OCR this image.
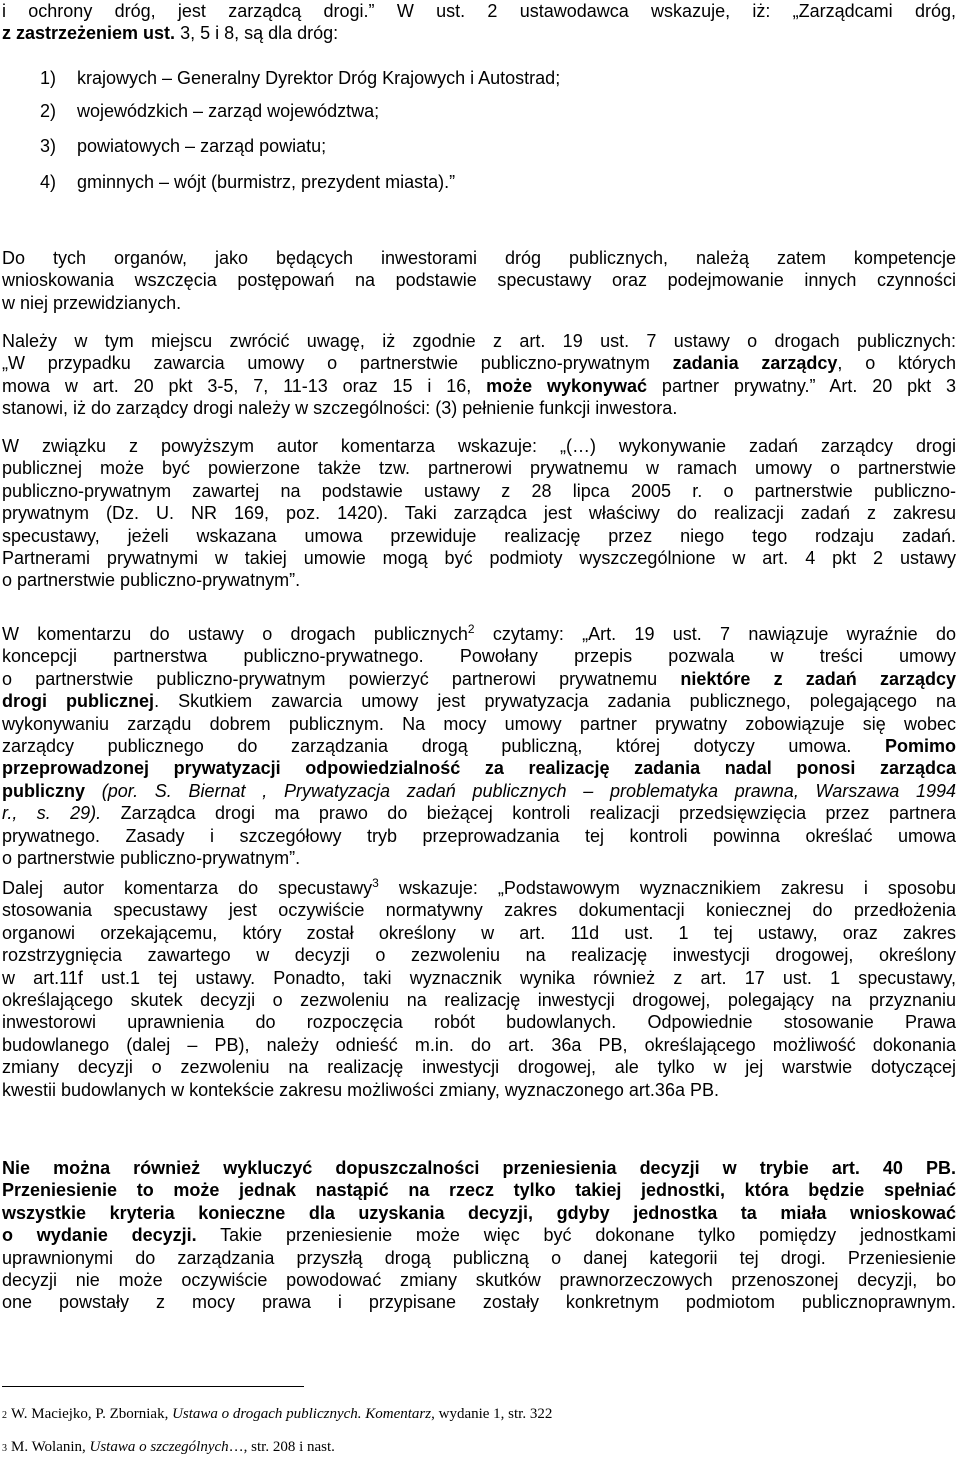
i ochrony dróg, jest zarządcą drogi.” W ust. 2 ustawodawca wskazuje, iż: „Zarządcami dróg,
z zastrzeżeniem ust. 3, 5 i 8, są dla dróg:

1) krajowych – Generalny Dyrektor Dróg Krajowych i Autostrad;

2) wojewódzkich – zarząd województwa;

3) powiatowych – zarząd powiatu;

4) gminnych – wójt (burmistrz, prezydent miasta).”

Do tych organów, jako będących inwestorami dróg publicznych, należą zatem kompetencje
wnioskowania wszczęcia postępowań na podstawie specustawy oraz podejmowanie innych czynności
w niej przewidzianych.
Należy w tym miejscu zwrócić uwagę, iż zgodnie z art. 19 ust. 7 ustawy o drogach publicznych:
„W przypadku zawarcia umowy o partnerstwie publiczno-prywatnym zadania zarządcy, o których
mowa w art. 20 pkt 3-5, 7, 11-13 oraz 15 i 16, może wykonywać partner prywatny.” Art. 20 pkt 3
stanowi, iż do zarządcy drogi należy w szczególności: (3) pełnienie funkcji inwestora.
W związku z powyższym autor komentarza wskazuje: „(…) wykonywanie zadań zarządcy drogi
publicznej może być powierzone także tzw. partnerowi prywatnemu w ramach umowy o partnerstwie
publiczno-prywatnym zawartej na podstawie ustawy z 28 lipca 2005 r. o partnerstwie publiczno-
prywatnym (Dz. U. NR 169, poz. 1420). Taki zarządca jest właściwy do realizacji zadań z zakresu
specustawy, jeżeli wskazana umowa przewiduje realizację przez niego tego rodzaju zadań.
Partnerami prywatnymi w takiej umowie mogą być podmioty wyszczególnione w art. 4 pkt 2 ustawy
o partnerstwie publiczno-prywatnym”.
W komentarzu do ustawy o drogach publicznych$^2$ czytamy: „Art. 19 ust. 7 nawiązuje wyraźnie do
koncepcji partnerstwa publiczno-prywatnego. Powołany przepis pozwala w treści umowy
o partnerstwie publiczno-prywatnym powierzyć partnerowi prywatnemu niektóre z zadań zarządcy
drogi publicznej. Skutkiem zawarcia umowy jest prywatyzacja zadania publicznego, polegającego na
wykonywaniu zarządu dobrem publicznym. Na mocy umowy partner prywatny zobowiązuje się wobec
zarządcy publicznego do zarządzania drogą publiczną, której dotyczy umowa. Pomimo
przeprowadzonej prywatyzacji odpowiedzialność za realizację zadania nadal ponosi zarządca
publiczny (por. S. Biernat , Prywatyzacja zadań publicznych – problematyka prawna, Warszawa 1994
r., s. 29). Zarządca drogi ma prawo do bieżącej kontroli realizacji przedsięwzięcia przez partnera
prywatnego. Zasady i szczegółowy tryb przeprowadzania tej kontroli powinna określać umowa
o partnerstwie publiczno-prywatnym”.
Dalej autor komentarza do specustawy$^3$ wskazuje: „Podstawowym wyznacznikiem zakresu i sposobu
stosowania specustawy jest oczywiście normatywny zakres dokumentacji koniecznej do przedłożenia
organowi orzekającemu, który został określony w art. 11d ust. 1 tej ustawy, oraz zakres
rozstrzygnięcia zawartego w decyzji o zezwoleniu na realizację inwestycji drogowej, określony
w art.11f ust.1 tej ustawy. Ponadto, taki wyznacznik wynika również z art. 17 ust. 1 specustawy,
określającego skutek decyzji o zezwoleniu na realizację inwestycji drogowej, polegający na przyznaniu
inwestorowi uprawnienia do rozpoczęcia robót budowlanych. Odpowiednie stosowanie Prawa
budowlanego (dalej – PB), należy odnieść m.in. do art. 36a PB, określającego możliwość dokonania
zmiany decyzji o zezwoleniu na realizację inwestycji drogowej, ale tylko w jej warstwie dotyczącej
kwestii budowlanych w kontekście zakresu możliwości zmiany, wyznaczonego art.36a PB.
Nie można również wykluczyć dopuszczalności przeniesienia decyzji w trybie art. 40 PB.
Przeniesienie to może jednak nastąpić na rzecz tylko takiej jednostki, która będzie spełniać
wszystkie kryteria konieczne dla uzyskania decyzji, gdyby jednostka ta miała wnioskować
o wydanie decyzji. Takie przeniesienie może więc być dokonane tylko pomiędzy jednostkami
uprawnionymi do zarządzania przyszłą drogą publiczną o danej kategorii tej drogi. Przeniesienie
decyzji nie może oczywiście powodować zmiany skutków prawnorzeczowych przenoszonej decyzji, bo
one powstały z mocy prawa i przypisane zostały konkretnym podmiotom publicznoprawnym.

2 W. Maciejko, P. Zborniak, Ustawa o drogach publicznych. Komentarz, wydanie 1, str. 322

3 M. Wolanin, Ustawa o szczególnych…, str. 208 i nast.
